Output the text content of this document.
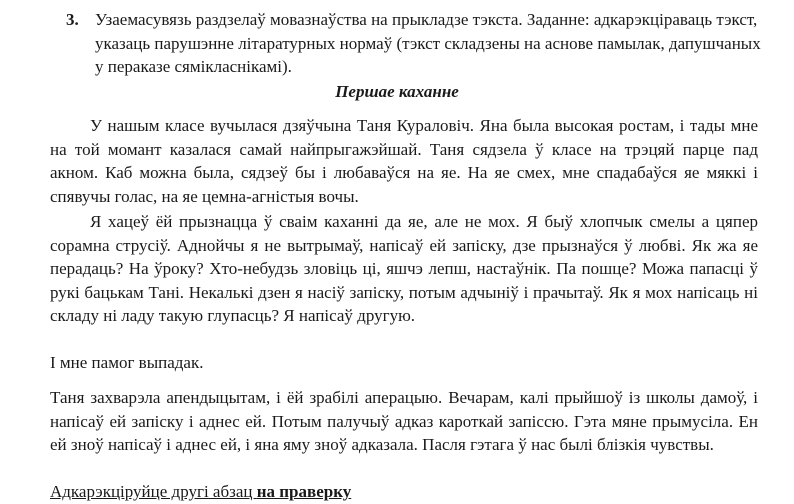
3. Узаемасувязь раздзелаў мовазнаўства на прыкладзе тэкста. Заданне: адкарэкціраваць тэкст, указаць парушэнне літаратурных нормаў (тэкст складзены на аснове памылак, дапушчаных у пераказе сямікласнікамі).
Першае каханне

У нашым класе вучылася дзяўчына Таня Кураловіч. Яна была высокая ростам, і тады мне на той момант казалася самай найпрыгажэйшай. Таня сядзела ў класе на трэцяй парце пад акном. Каб можна была, сядзеў бы і любаваўся на яе. На яе смех, мне спадабаўся яе мяккі і спявучы голас, на яе цемна-агністыя вочы.

Я хацеў ёй прызнацца ў сваім каханні да яе, але не мох. Я быў хлопчык смелы а цяпер сорамна струсіў. Аднойчы я не вытрымаў, напісаў ей запіску, дзе прызнаўся ў любві. Як жа яе перадаць? На ўроку? Хто-небудзь зловіць ці, яшчэ лепш, настаўнік. Па пошце? Можа папасці ў рукі бацькам Тані. Некалькі дзен я насіў запіску, потым адчыніў і прачытаў. Як я мох напісаць ні складу ні ладу такую глупасць? Я напісаў другую.

І мне памог выпадак.

Таня захварэла апендыцытам, і ёй зрабілі аперацыю. Вечарам, калі прыйшоў із школы дамоў, і напісаў ей запіску і аднес ей. Потым палучыў адказ кароткай запіссю. Гэта мяне прымусіла. Ен ей зноў напісаў і аднес ей, і яна яму зноў адказала. Пасля гэтага ў нас былі блізкія чувствы.

Адкарэкціруйце другі абзац на праверку
